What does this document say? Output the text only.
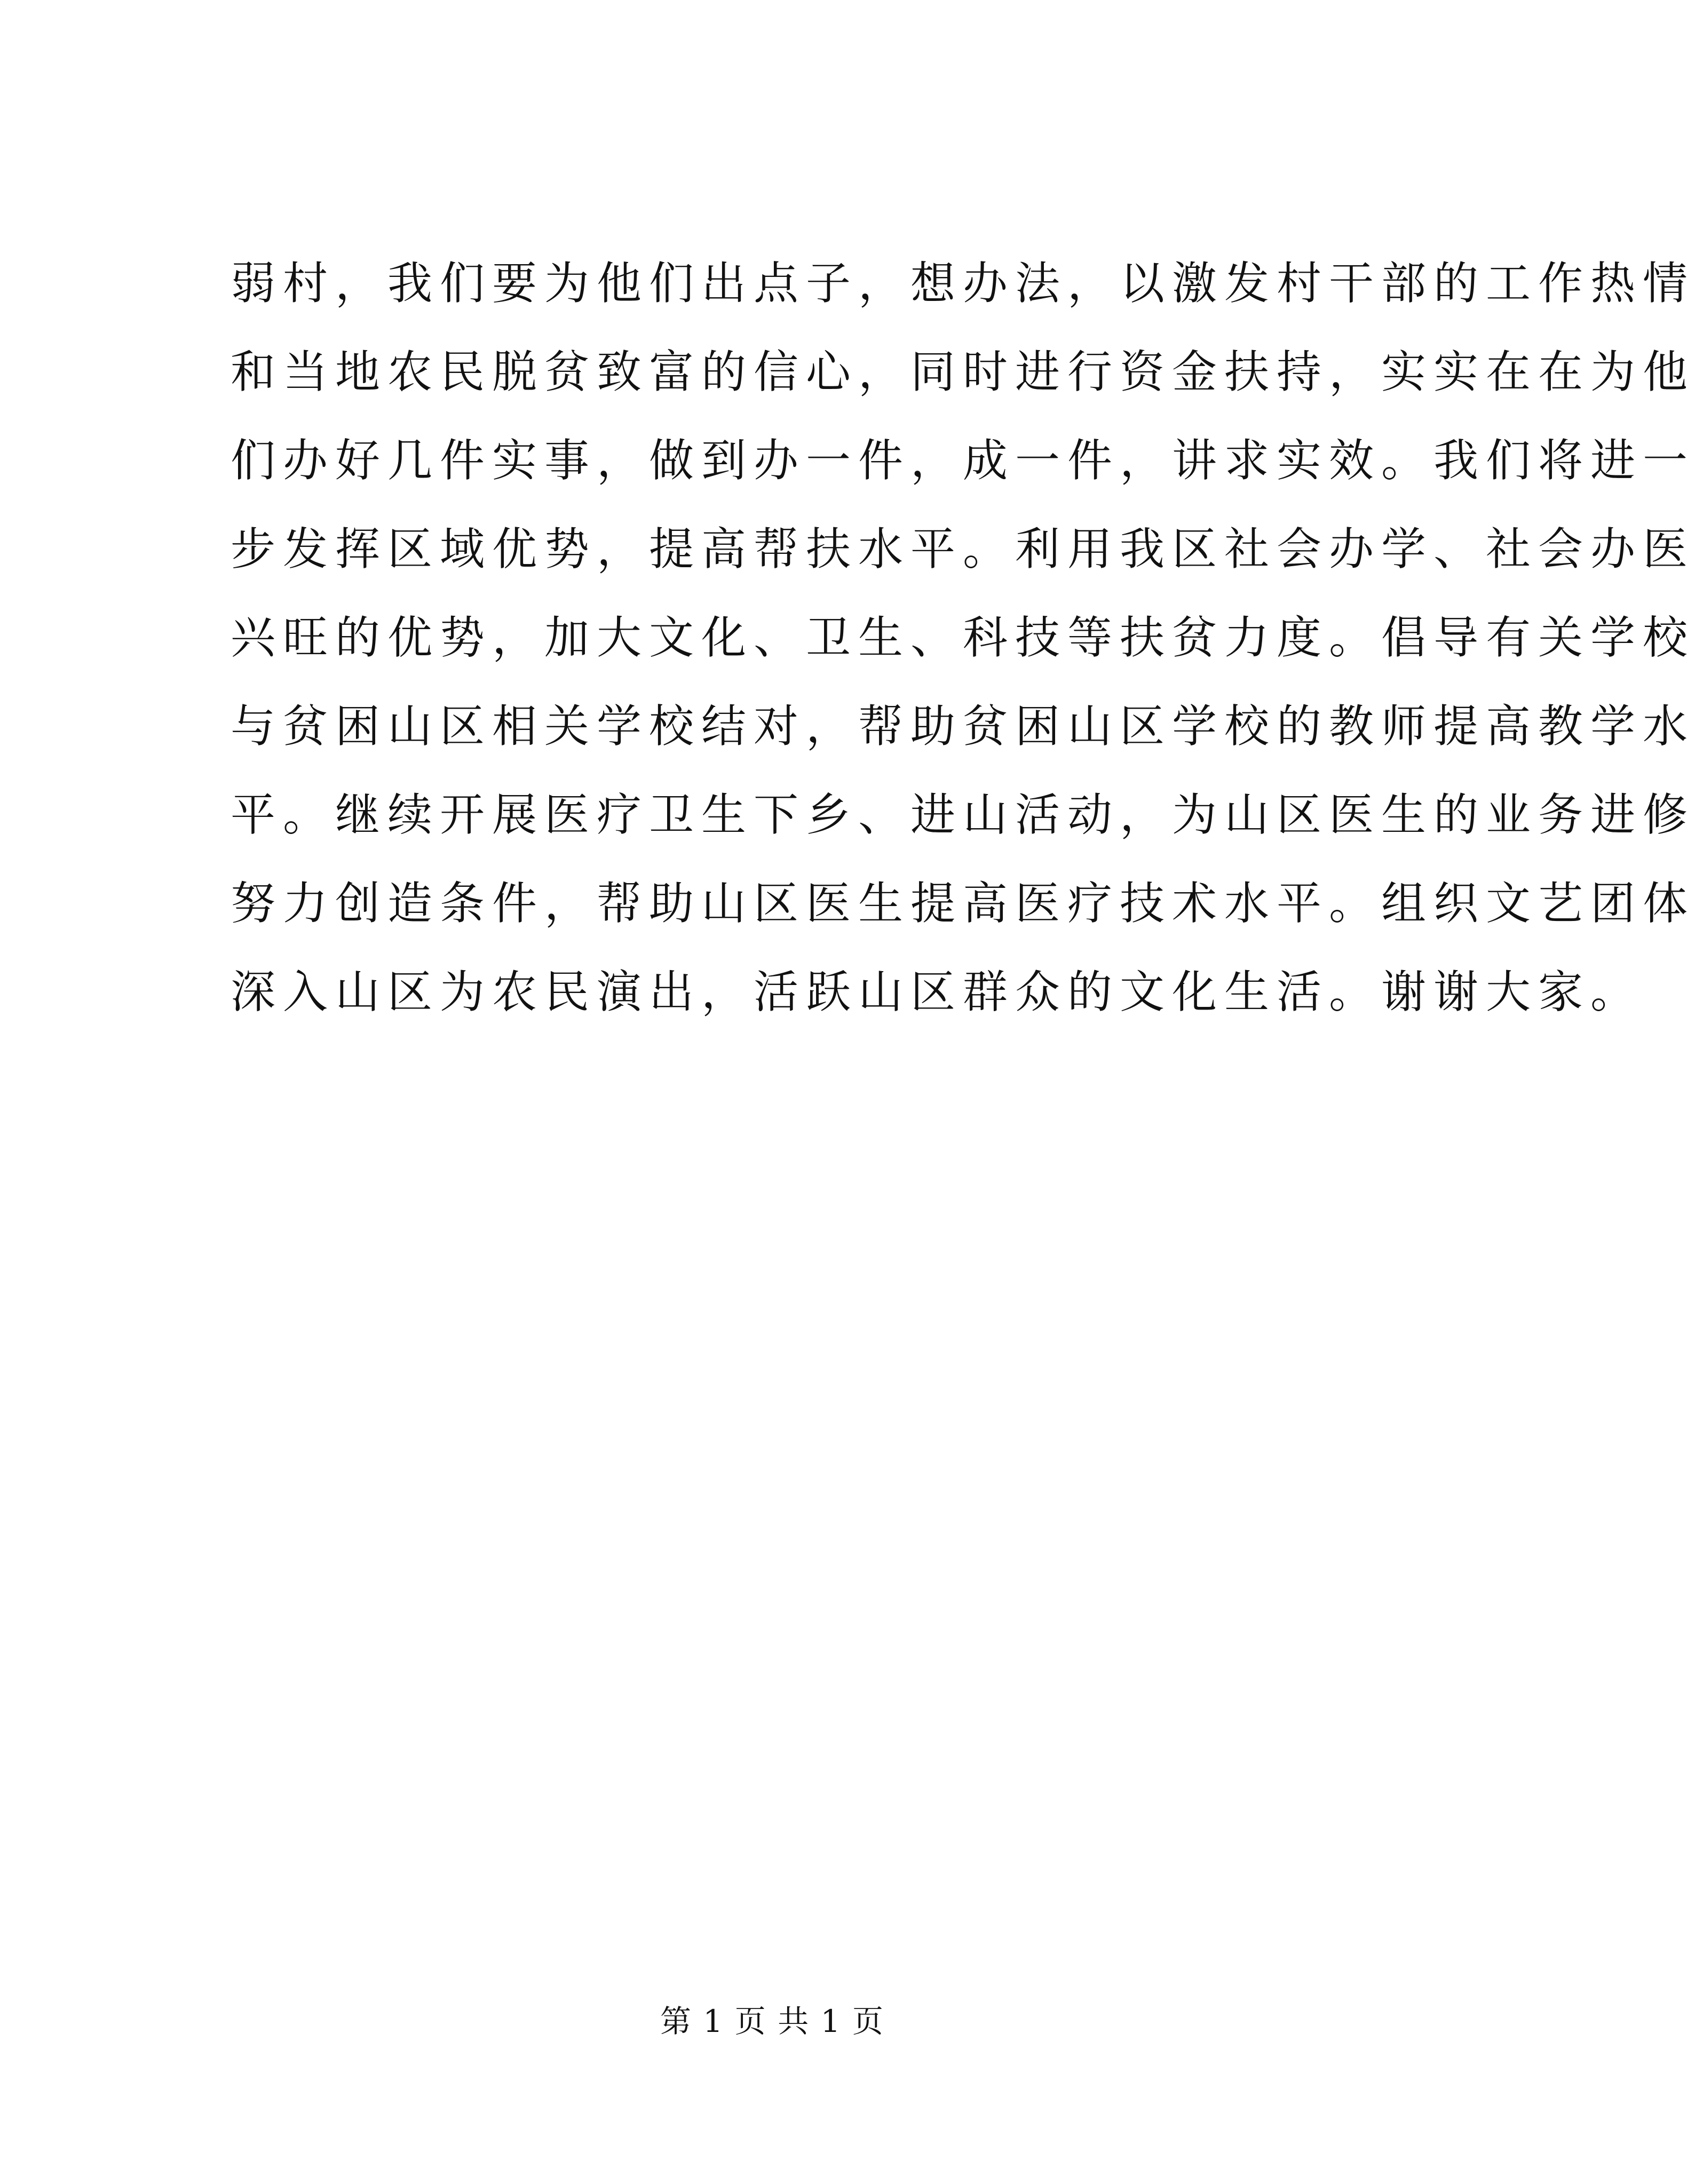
弱村，我们要为他们出点子，想办法，以激发村干部的工作热情
和当地农民脱贫致富的信心，同时进行资金扶持，实实在在为他
们办好几件实事，做到办一件，成一件，讲求实效。我们将进一
步发挥区域优势，提高帮扶水平。利用我区社会办学、社会办医
兴旺的优势，加大文化、卫生、科技等扶贫力度。倡导有关学校
与贫困山区相关学校结对，帮助贫困山区学校的教师提高教学水
平。继续开展医疗卫生下乡、进山活动，为山区医生的业务进修
努力创造条件，帮助山区医生提高医疗技术水平。组织文艺团体
深入山区为农民演出，活跃山区群众的文化生活。谢谢大家。
第 1 页 共 1 页
